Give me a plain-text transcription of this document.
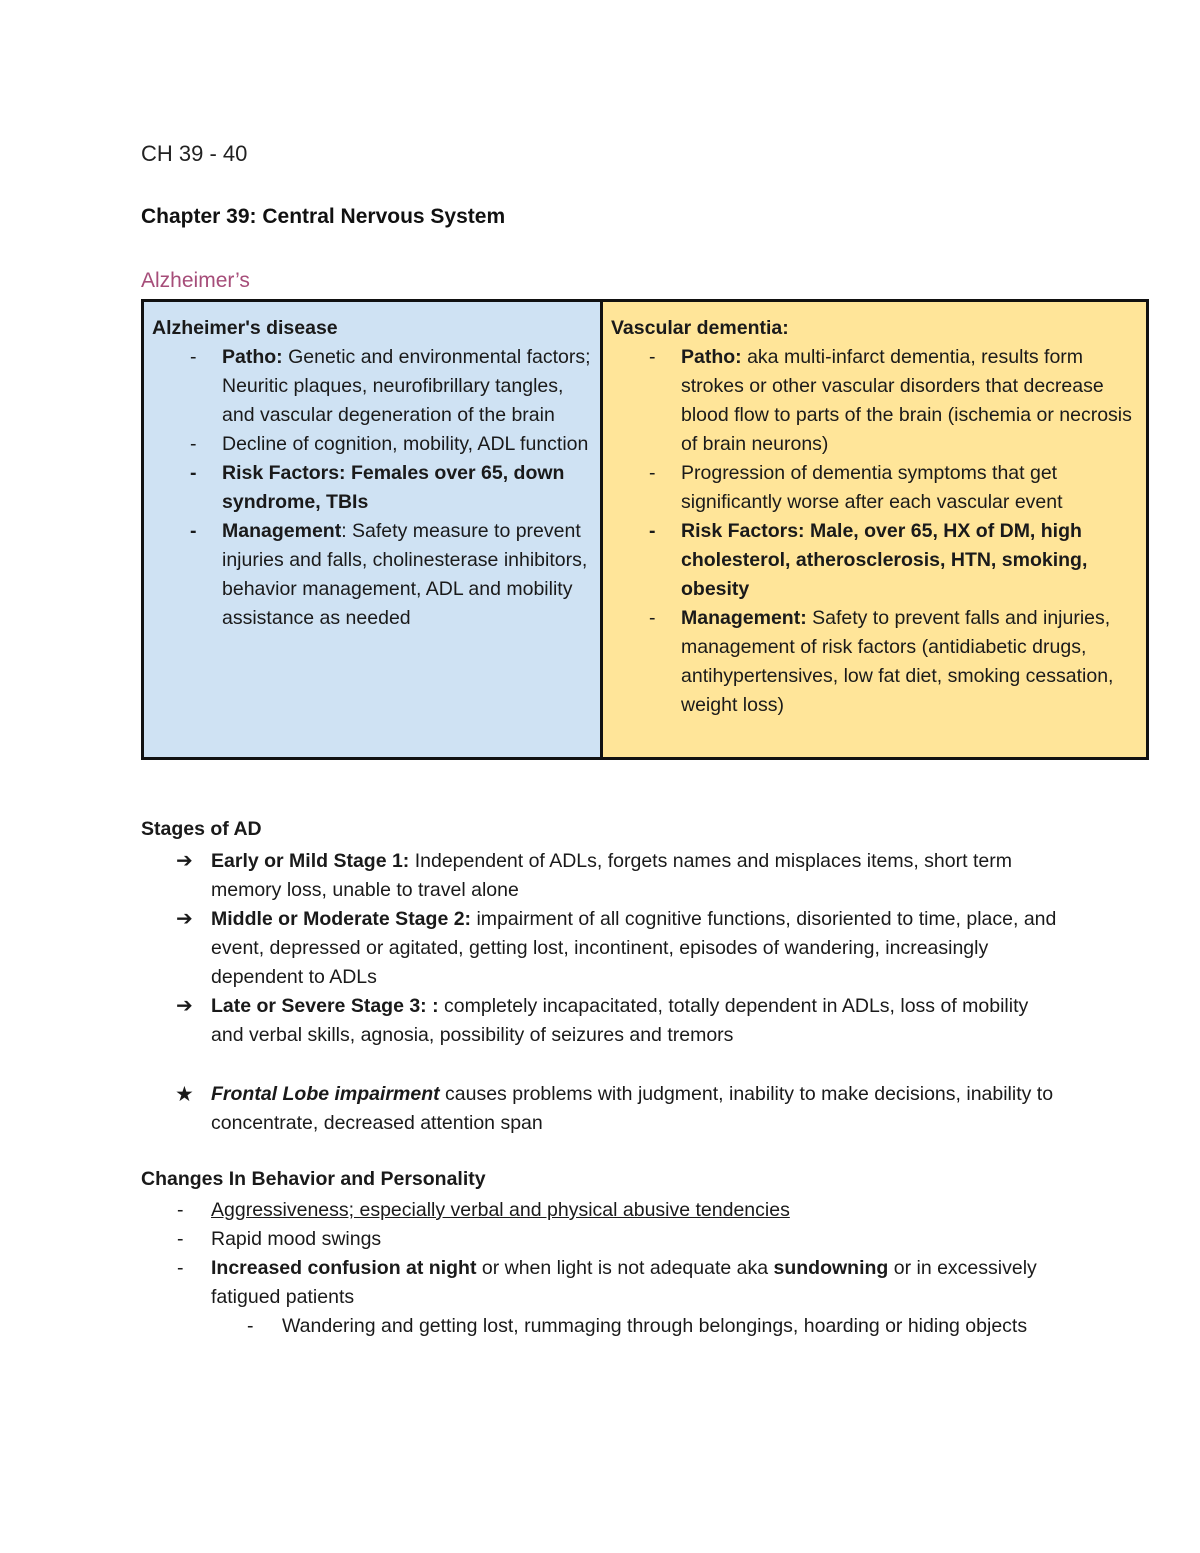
CH 39 - 40
Chapter 39: Central Nervous System
Alzheimer’s
Alzheimer's disease
- Patho: Genetic and environmental factors; Neuritic plaques, neurofibrillary tangles, and vascular degeneration of the brain
- Decline of cognition, mobility, ADL function
- Risk Factors: Females over 65, down syndrome, TBIs
- Management: Safety measure to prevent injuries and falls, cholinesterase inhibitors, behavior management, ADL and mobility assistance as needed
Vascular dementia:
- Patho: aka multi-infarct dementia, results form strokes or other vascular disorders that decrease blood flow to parts of the brain (ischemia or necrosis of brain neurons)
- Progression of dementia symptoms that get significantly worse after each vascular event
- Risk Factors: Male, over 65, HX of DM, high cholesterol, atherosclerosis, HTN, smoking, obesity
- Management: Safety to prevent falls and injuries, management of risk factors (antidiabetic drugs, antihypertensives, low fat diet, smoking cessation, weight loss)
Stages of AD
➔ Early or Mild Stage 1: Independent of ADLs, forgets names and misplaces items, short term memory loss, unable to travel alone
➔ Middle or Moderate Stage 2: impairment of all cognitive functions, disoriented to time, place, and event, depressed or agitated, getting lost, incontinent, episodes of wandering, increasingly dependent to ADLs
➔ Late or Severe Stage 3: : completely incapacitated, totally dependent in ADLs, loss of mobility and verbal skills, agnosia, possibility of seizures and tremors
★ Frontal Lobe impairment causes problems with judgment, inability to make decisions, inability to concentrate, decreased attention span
Changes In Behavior and Personality
- Aggressiveness; especially verbal and physical abusive tendencies
- Rapid mood swings
- Increased confusion at night or when light is not adequate aka sundowning or in excessively fatigued patients
- Wandering and getting lost, rummaging through belongings, hoarding or hiding objects
